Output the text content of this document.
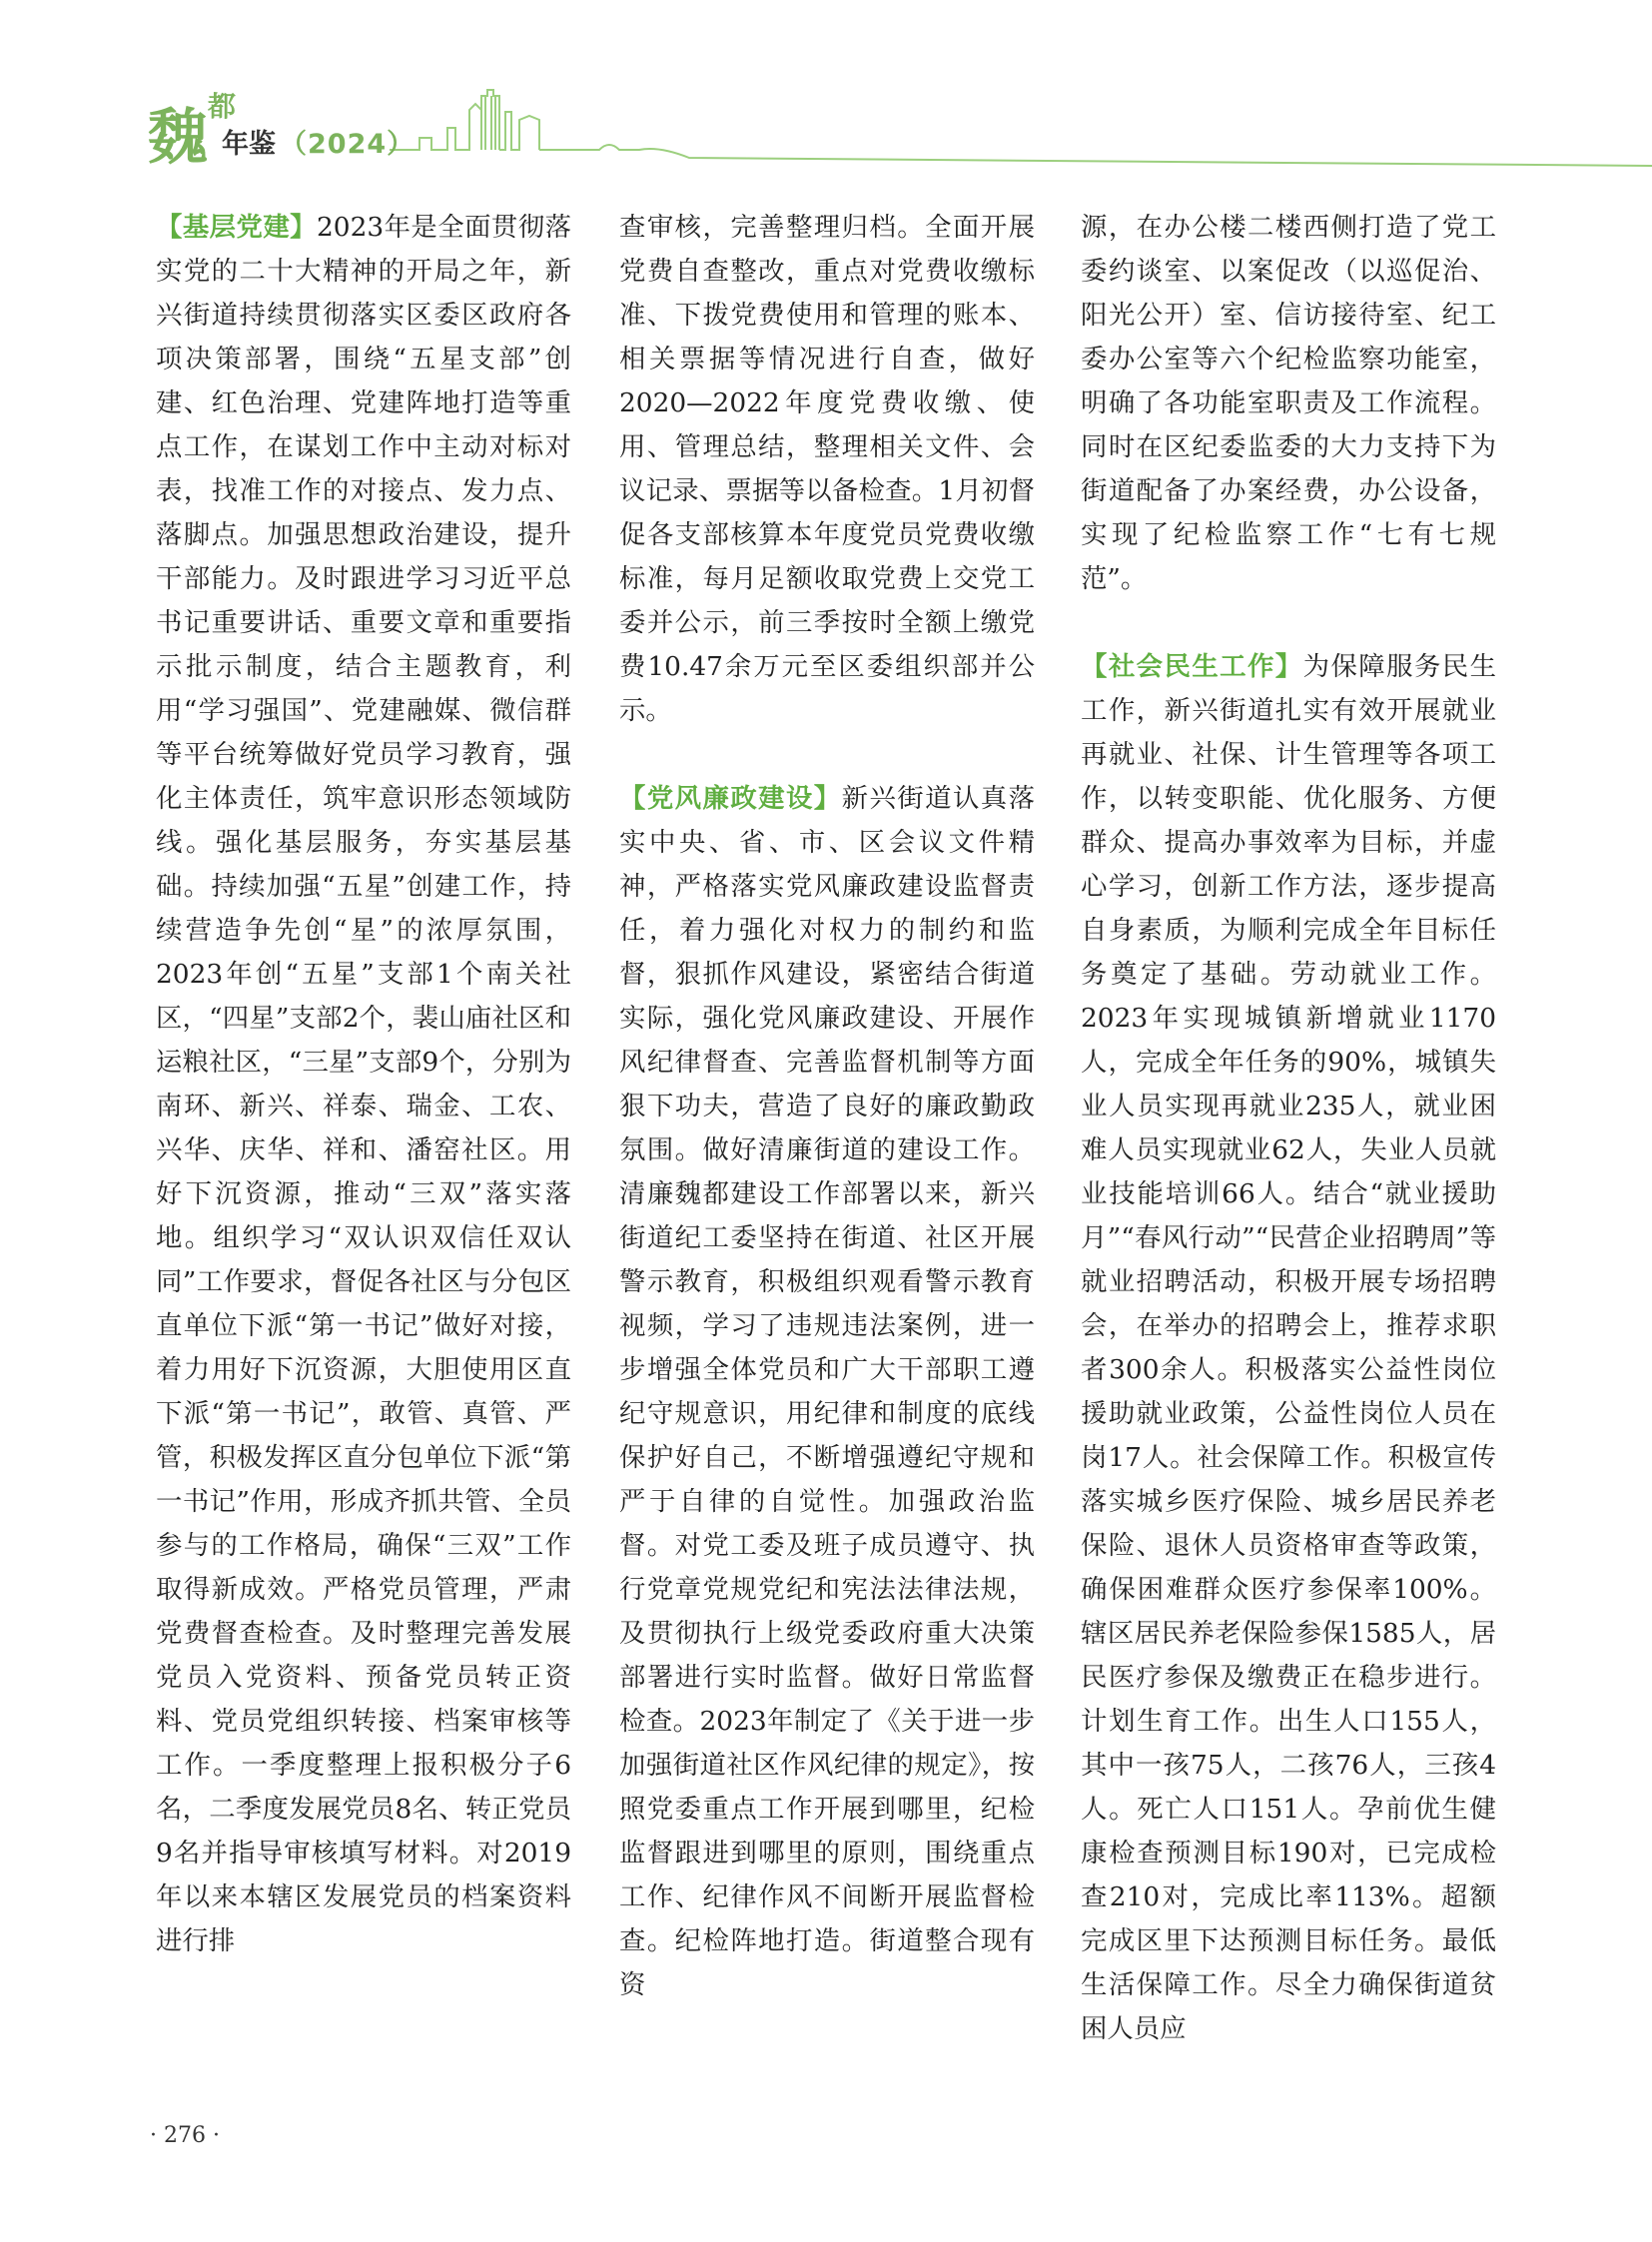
魏 都
年鉴 （2024）

【基层党建】2023年是全面贯彻落实党的二十大精神的开局之年，新兴街道持续贯彻落实区委区政府各项决策部署，围绕“五星支部”创建、红色治理、党建阵地打造等重点工作，在谋划工作中主动对标对表，找准工作的对接点、发力点、落脚点。加强思想政治建设，提升干部能力。及时跟进学习习近平总书记重要讲话、重要文章和重要指示批示制度，结合主题教育，利用“学习强国”、党建融媒、微信群等平台统筹做好党员学习教育，强化主体责任，筑牢意识形态领域防线。强化基层服务，夯实基层基础。持续加强“五星”创建工作，持续营造争先创“星”的浓厚氛围，2023年创“五星”支部1个南关社区，“四星”支部2个，裴山庙社区和运粮社区，“三星”支部9个，分别为南环、新兴、祥泰、瑞金、工农、兴华、庆华、祥和、潘窑社区。用好下沉资源，推动“三双”落实落地。组织学习“双认识双信任双认同”工作要求，督促各社区与分包区直单位下派“第一书记”做好对接，着力用好下沉资源，大胆使用区直下派“第一书记”，敢管、真管、严管，积极发挥区直分包单位下派“第一书记”作用，形成齐抓共管、全员参与的工作格局，确保“三双”工作取得新成效。严格党员管理，严肃党费督查检查。及时整理完善发展党员入党资料、预备党员转正资料、党员党组织转接、档案审核等工作。一季度整理上报积极分子6名，二季度发展党员8名、转正党员9名并指导审核填写材料。对2019年以来本辖区发展党员的档案资料进行排

查审核，完善整理归档。全面开展党费自查整改，重点对党费收缴标准、下拨党费使用和管理的账本、相关票据等情况进行自查，做好2020—2022年度党费收缴、使用、管理总结，整理相关文件、会议记录、票据等以备检查。1月初督促各支部核算本年度党员党费收缴标准，每月足额收取党费上交党工委并公示，前三季按时全额上缴党费10.47余万元至区委组织部并公示。

【党风廉政建设】新兴街道认真落实中央、省、市、区会议文件精神，严格落实党风廉政建设监督责任，着力强化对权力的制约和监督，狠抓作风建设，紧密结合街道实际，强化党风廉政建设、开展作风纪律督查、完善监督机制等方面狠下功夫，营造了良好的廉政勤政氛围。做好清廉街道的建设工作。清廉魏都建设工作部署以来，新兴街道纪工委坚持在街道、社区开展警示教育，积极组织观看警示教育视频，学习了违规违法案例，进一步增强全体党员和广大干部职工遵纪守规意识，用纪律和制度的底线保护好自己，不断增强遵纪守规和严于自律的自觉性。加强政治监督。对党工委及班子成员遵守、执行党章党规党纪和宪法法律法规，及贯彻执行上级党委政府重大决策部署进行实时监督。做好日常监督检查。2023年制定了《关于进一步加强街道社区作风纪律的规定》，按照党委重点工作开展到哪里，纪检监督跟进到哪里的原则，围绕重点工作、纪律作风不间断开展监督检查。纪检阵地打造。街道整合现有资

源，在办公楼二楼西侧打造了党工委约谈室、以案促改（以巡促治、阳光公开）室、信访接待室、纪工委办公室等六个纪检监察功能室，明确了各功能室职责及工作流程。同时在区纪委监委的大力支持下为街道配备了办案经费，办公设备，实现了纪检监察工作“七有七规范”。

【社会民生工作】为保障服务民生工作，新兴街道扎实有效开展就业再就业、社保、计生管理等各项工作，以转变职能、优化服务、方便群众、提高办事效率为目标，并虚心学习，创新工作方法，逐步提高自身素质，为顺利完成全年目标任务奠定了基础。劳动就业工作。2023年实现城镇新增就业1170人，完成全年任务的90%，城镇失业人员实现再就业235人，就业困难人员实现就业62人，失业人员就业技能培训66人。结合“就业援助月”“春风行动”“民营企业招聘周”等就业招聘活动，积极开展专场招聘会，在举办的招聘会上，推荐求职者300余人。积极落实公益性岗位援助就业政策，公益性岗位人员在岗17人。社会保障工作。积极宣传落实城乡医疗保险、城乡居民养老保险、退休人员资格审查等政策，确保困难群众医疗参保率100%。辖区居民养老保险参保1585人，居民医疗参保及缴费正在稳步进行。计划生育工作。出生人口155人，其中一孩75人，二孩76人，三孩4人。死亡人口151人。孕前优生健康检查预测目标190对，已完成检查210对，完成比率113%。超额完成区里下达预测目标任务。最低生活保障工作。尽全力确保街道贫困人员应

· 276 ·
